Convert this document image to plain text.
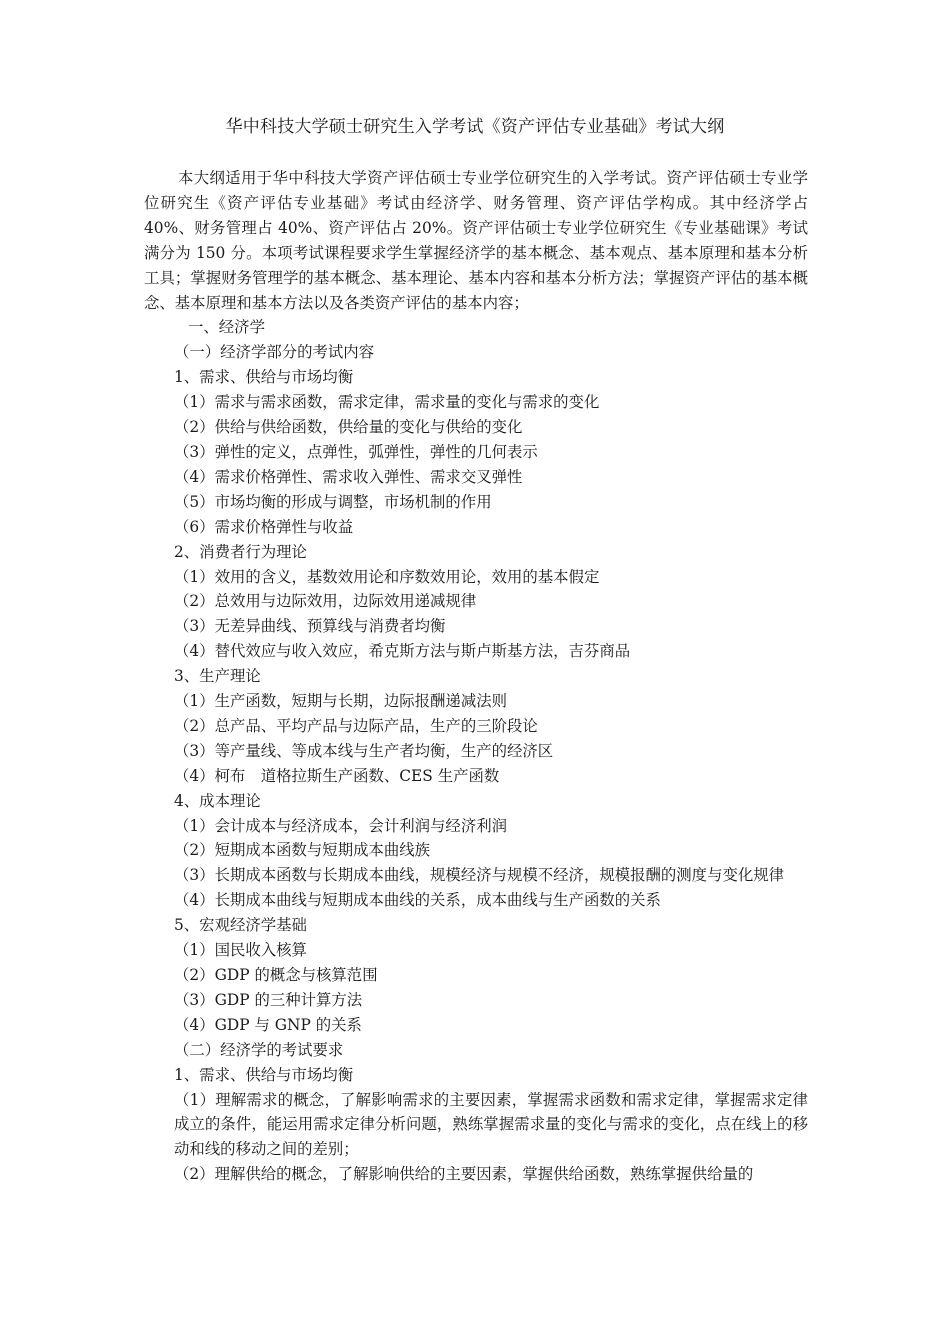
华中科技大学硕士研究生入学考试《资产评估专业基础》考试大纲

本大纲适用于华中科技大学资产评估硕士专业学位研究生的入学考试。资产评估硕士专业学位研究生《资产评估专业基础》考试由经济学、财务管理、资产评估学构成。其中经济学占 40%、财务管理占 40%、资产评估占 20%。资产评估硕士专业学位研究生《专业基础课》考试满分为 150 分。本项考试课程要求学生掌握经济学的基本概念、基本观点、基本原理和基本分析工具；掌握财务管理学的基本概念、基本理论、基本内容和基本分析方法；掌握资产评估的基本概念、基本原理和基本方法以及各类资产评估的基本内容；

一、经济学

（一）经济学部分的考试内容

1、需求、供给与市场均衡

（1）需求与需求函数，需求定律，需求量的变化与需求的变化

（2）供给与供给函数，供给量的变化与供给的变化

（3）弹性的定义，点弹性，弧弹性，弹性的几何表示

（4）需求价格弹性、需求收入弹性、需求交叉弹性

（5）市场均衡的形成与调整，市场机制的作用

（6）需求价格弹性与收益

2、消费者行为理论

（1）效用的含义，基数效用论和序数效用论，效用的基本假定

（2）总效用与边际效用，边际效用递减规律

（3）无差异曲线、预算线与消费者均衡

（4）替代效应与收入效应，希克斯方法与斯卢斯基方法，吉芬商品

3、生产理论

（1）生产函数，短期与长期，边际报酬递减法则

（2）总产品、平均产品与边际产品，生产的三阶段论

（3）等产量线、等成本线与生产者均衡，生产的经济区

（4）柯布　道格拉斯生产函数、CES 生产函数

4、成本理论

（1）会计成本与经济成本，会计利润与经济利润

（2）短期成本函数与短期成本曲线族

（3）长期成本函数与长期成本曲线，规模经济与规模不经济，规模报酬的测度与变化规律

（4）长期成本曲线与短期成本曲线的关系，成本曲线与生产函数的关系

5、宏观经济学基础

（1）国民收入核算

（2）GDP 的概念与核算范围

（3）GDP 的三种计算方法

（4）GDP 与 GNP 的关系

（二）经济学的考试要求

1、需求、供给与市场均衡

（1）理解需求的概念，了解影响需求的主要因素，掌握需求函数和需求定律，掌握需求定律成立的条件，能运用需求定律分析问题，熟练掌握需求量的变化与需求的变化，点在线上的移动和线的移动之间的差别；

（2）理解供给的概念，了解影响供给的主要因素，掌握供给函数，熟练掌握供给量的
